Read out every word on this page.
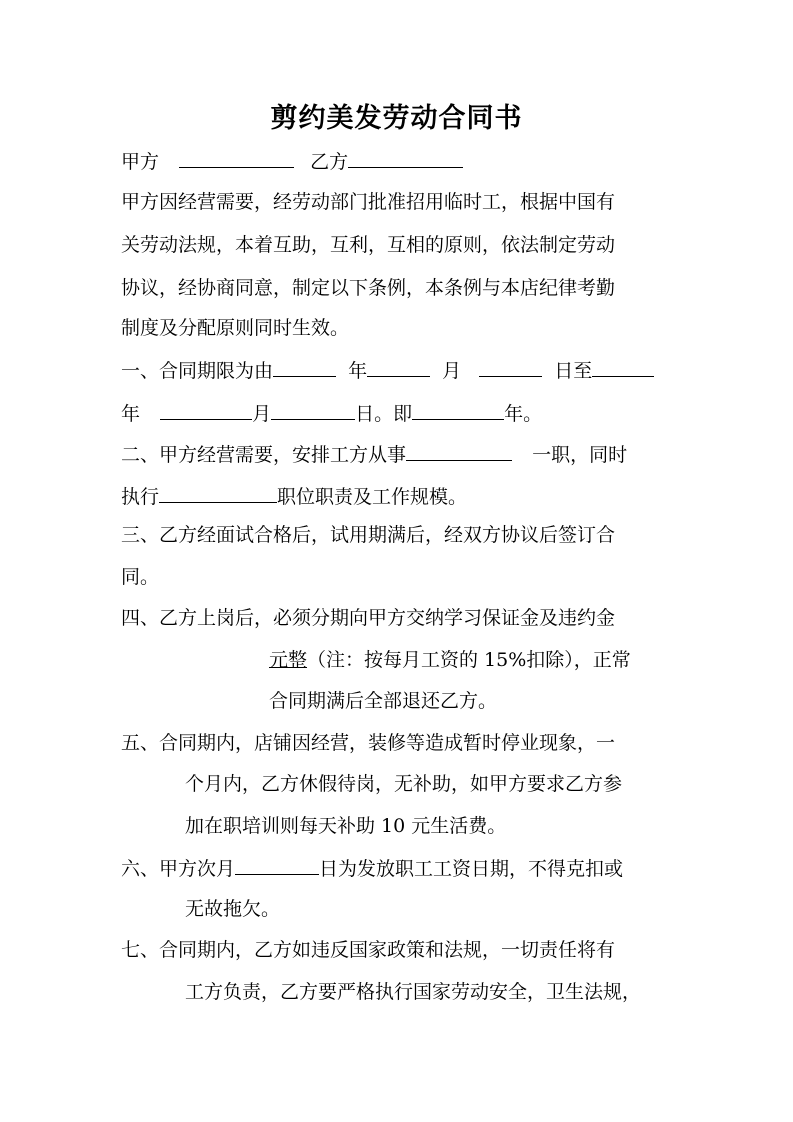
剪约美发劳动合同书
甲方	乙方
甲方因经营需要，经劳动部门批准招用临时工，根据中国有
关劳动法规，本着互助，互利，互相的原则，依法制定劳动
协议，经协商同意，制定以下条例，本条例与本店纪律考勤
制度及分配原则同时生效。
一、合同期限为由	年	月	日至
年	月	日。即	年。
二、甲方经营需要，安排工方从事	一职，同时
执行	职位职责及工作规模。
三、乙方经面试合格后，试用期满后，经双方协议后签订合
同。
四、乙方上岗后，必须分期向甲方交纳学习保证金及违约金
元整（注：按每月工资的 15%扣除），正常
合同期满后全部退还乙方。
五、合同期内，店铺因经营，装修等造成暂时停业现象，一
个月内，乙方休假待岗，无补助，如甲方要求乙方参
加在职培训则每天补助 10 元生活费。
六、甲方次月	日为发放职工工资日期，不得克扣或
无故拖欠。
七、合同期内，乙方如违反国家政策和法规，一切责任将有
工方负责，乙方要严格执行国家劳动安全，卫生法规，
